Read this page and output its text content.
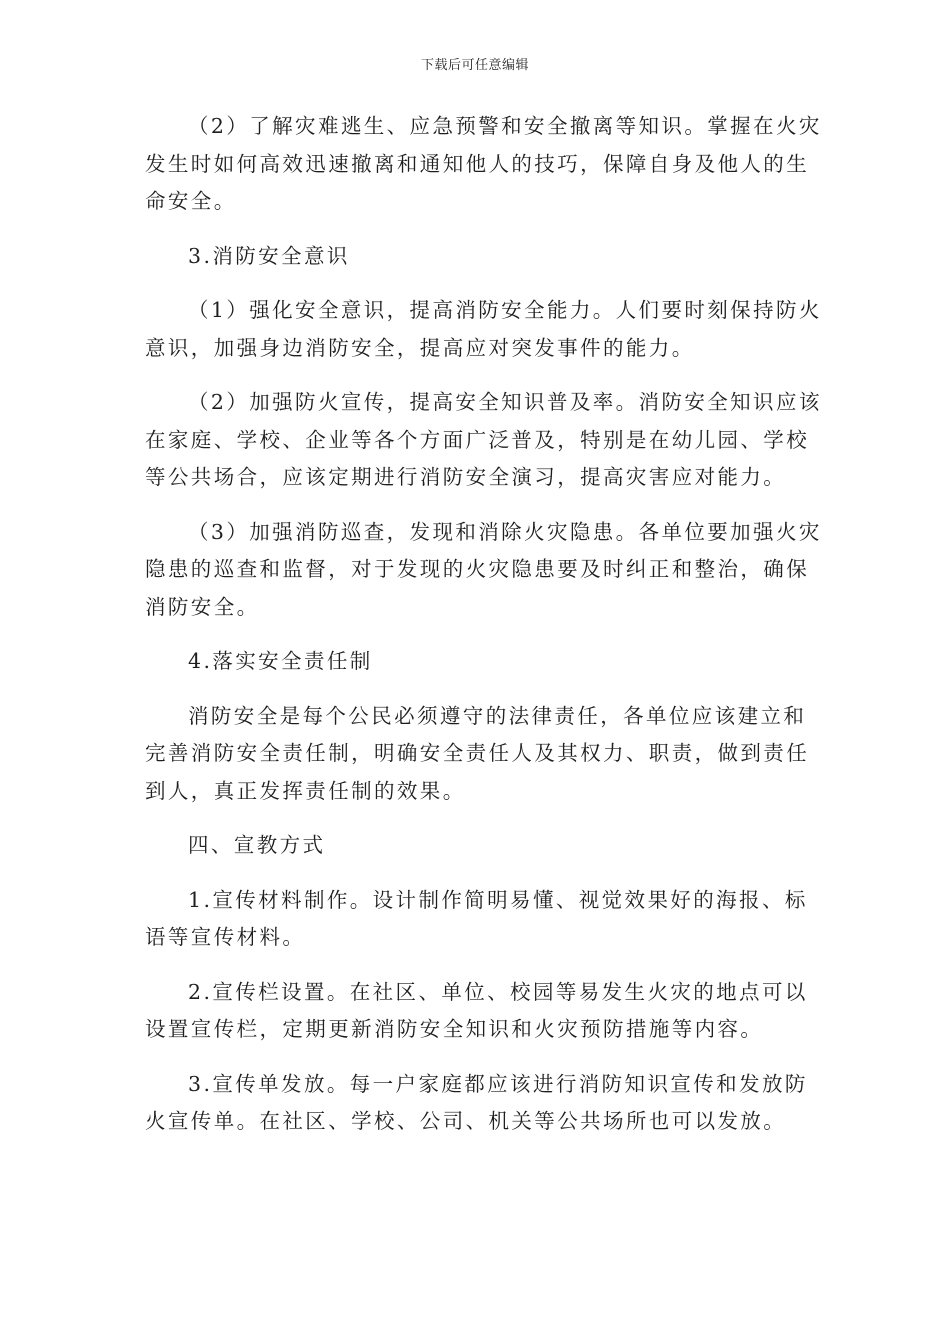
下载后可任意编辑
（2）了解灾难逃生、应急预警和安全撤离等知识。掌握在火灾
发生时如何高效迅速撤离和通知他人的技巧，保障自身及他人的生
命安全。
3.消防安全意识
（1）强化安全意识，提高消防安全能力。人们要时刻保持防火
意识，加强身边消防安全，提高应对突发事件的能力。
（2）加强防火宣传，提高安全知识普及率。消防安全知识应该
在家庭、学校、企业等各个方面广泛普及，特别是在幼儿园、学校
等公共场合，应该定期进行消防安全演习，提高灾害应对能力。
（3）加强消防巡查，发现和消除火灾隐患。各单位要加强火灾
隐患的巡查和监督，对于发现的火灾隐患要及时纠正和整治，确保
消防安全。
4.落实安全责任制
消防安全是每个公民必须遵守的法律责任，各单位应该建立和
完善消防安全责任制，明确安全责任人及其权力、职责，做到责任
到人，真正发挥责任制的效果。
四、宣教方式
1.宣传材料制作。设计制作简明易懂、视觉效果好的海报、标
语等宣传材料。
2.宣传栏设置。在社区、单位、校园等易发生火灾的地点可以
设置宣传栏，定期更新消防安全知识和火灾预防措施等内容。
3.宣传单发放。每一户家庭都应该进行消防知识宣传和发放防
火宣传单。在社区、学校、公司、机关等公共场所也可以发放。
